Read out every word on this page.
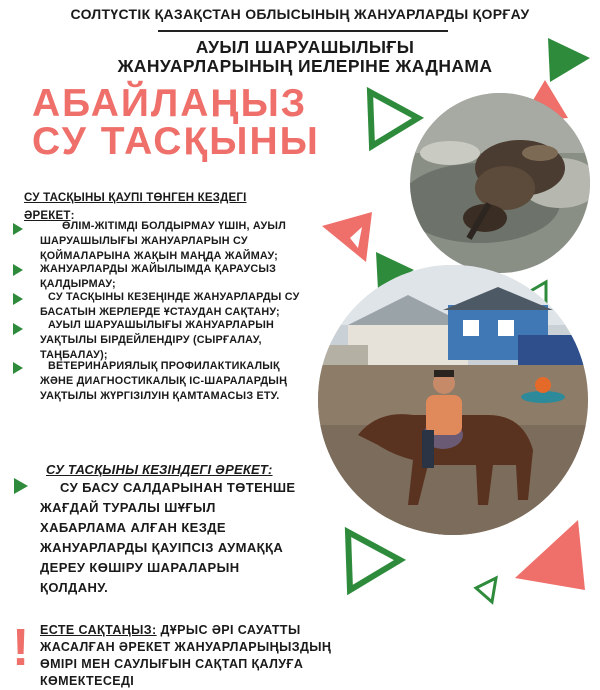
СОЛТҮСТІК ҚАЗАҚСТАН ОБЛЫСЫНЫҢ ЖАНУАРЛАРДЫ ҚОРҒАУ
АУЫЛ ШАРУАШЫЛЫҒЫ
ЖАНУАРЛАРЫНЫҢ ИЕЛЕРІНЕ ЖАДНАМА
АБАЙЛАҢЫЗ
СУ ТАСҚЫНЫ
СУ ТАСҚЫНЫ ҚАУПІ ТӨНГЕН КЕЗДЕГІ
ӘРЕКЕТ:
ӨЛІМ-ЖІТІМДІ БОЛДЫРМАУ ҮШІН, АУЫЛ
ШАРУАШЫЛЫҒЫ ЖАНУАРЛАРЫН СУ
ҚОЙМАЛАРЫНА ЖАҚЫН МАҢДА ЖАЙМАУ;
ЖАНУАРЛАРДЫ ЖАЙЫЛЫМДА ҚАРАУСЫЗ
ҚАЛДЫРМАУ;
СУ ТАСҚЫНЫ КЕЗЕҢІНДЕ ЖАНУАРЛАРДЫ СУ
БАСАТЫН ЖЕРЛЕРДЕ ҰСТАУДАН САҚТАНУ;
АУЫЛ ШАРУАШЫЛЫҒЫ ЖАНУАРЛАРЫН
УАҚТЫЛЫ БІРДЕЙЛЕНДІРУ (СЫРҒАЛАУ,
ТАҢБАЛАУ);
ВЕТЕРИНАРИЯЛЫҚ ПРОФИЛАКТИКАЛЫҚ
ЖӘНЕ ДИАГНОСТИКАЛЫҚ ІС-ШАРАЛАРДЫҢ
УАҚТЫЛЫ ЖҮРГІЗІЛУІН ҚАМТАМАСЫЗ ЕТУ.
СУ ТАСҚЫНЫ КЕЗІНДЕГІ ӘРЕКЕТ:
СУ БАСУ САЛДАРЫНАН ТӨТЕНШЕ
ЖАҒДАЙ ТУРАЛЫ ШҰҒЫЛ
ХАБАРЛАМА АЛҒАН КЕЗДЕ
ЖАНУАРЛАРДЫ ҚАУІПСІЗ АУМАҚҚА
ДЕРЕУ КӨШІРУ ШАРАЛАРЫН
ҚОЛДАНУ.
! ЕСТЕ САҚТАҢЫЗ: ДҰРЫС ӘРІ САУАТТЫ
ЖАСАЛҒАН ӘРЕКЕТ ЖАНУАРЛАРЫҢЫЗДЫҢ
ӨМІРІ МЕН САУЛЫҒЫН САҚТАП ҚАЛУҒА
КӨМЕКТЕСЕДІ
